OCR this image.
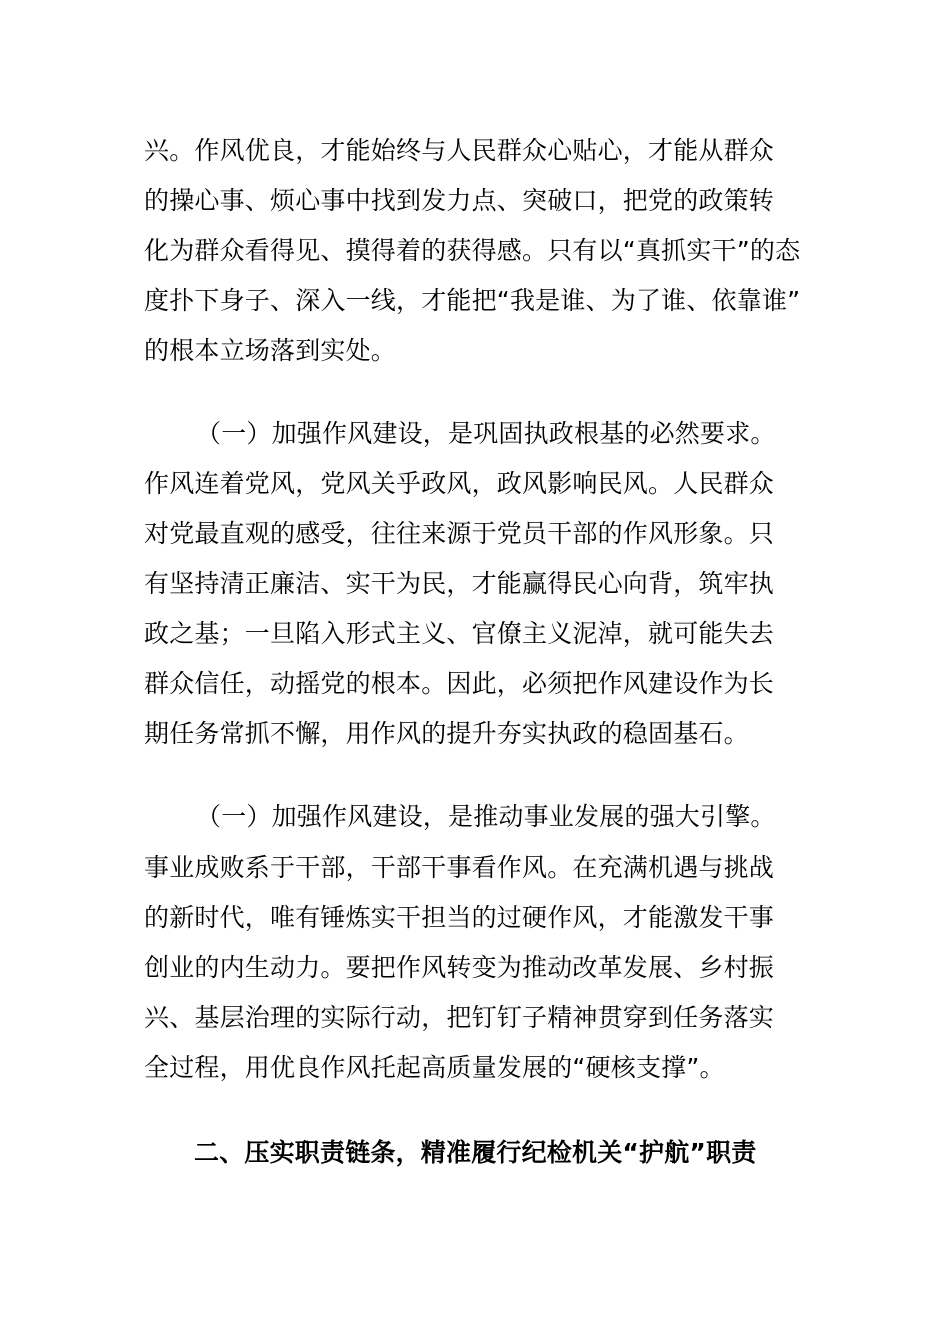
兴。作风优良，才能始终与人民群众心贴心，才能从群众
的操心事、烦心事中找到发力点、突破口，把党的政策转
化为群众看得见、摸得着的获得感。只有以“真抓实干”的态
度扑下身子、深入一线，才能把“我是谁、为了谁、依靠谁”
的根本立场落到实处。
（一）加强作风建设，是巩固执政根基的必然要求。
作风连着党风，党风关乎政风，政风影响民风。人民群众
对党最直观的感受，往往来源于党员干部的作风形象。只
有坚持清正廉洁、实干为民，才能赢得民心向背，筑牢执
政之基；一旦陷入形式主义、官僚主义泥淖，就可能失去
群众信任，动摇党的根本。因此，必须把作风建设作为长
期任务常抓不懈，用作风的提升夯实执政的稳固基石。
（一）加强作风建设，是推动事业发展的强大引擎。
事业成败系于干部，干部干事看作风。在充满机遇与挑战
的新时代，唯有锤炼实干担当的过硬作风，才能激发干事
创业的内生动力。要把作风转变为推动改革发展、乡村振
兴、基层治理的实际行动，把钉钉子精神贯穿到任务落实
全过程，用优良作风托起高质量发展的“硬核支撑”。
二、压实职责链条，精准履行纪检机关“护航”职责
